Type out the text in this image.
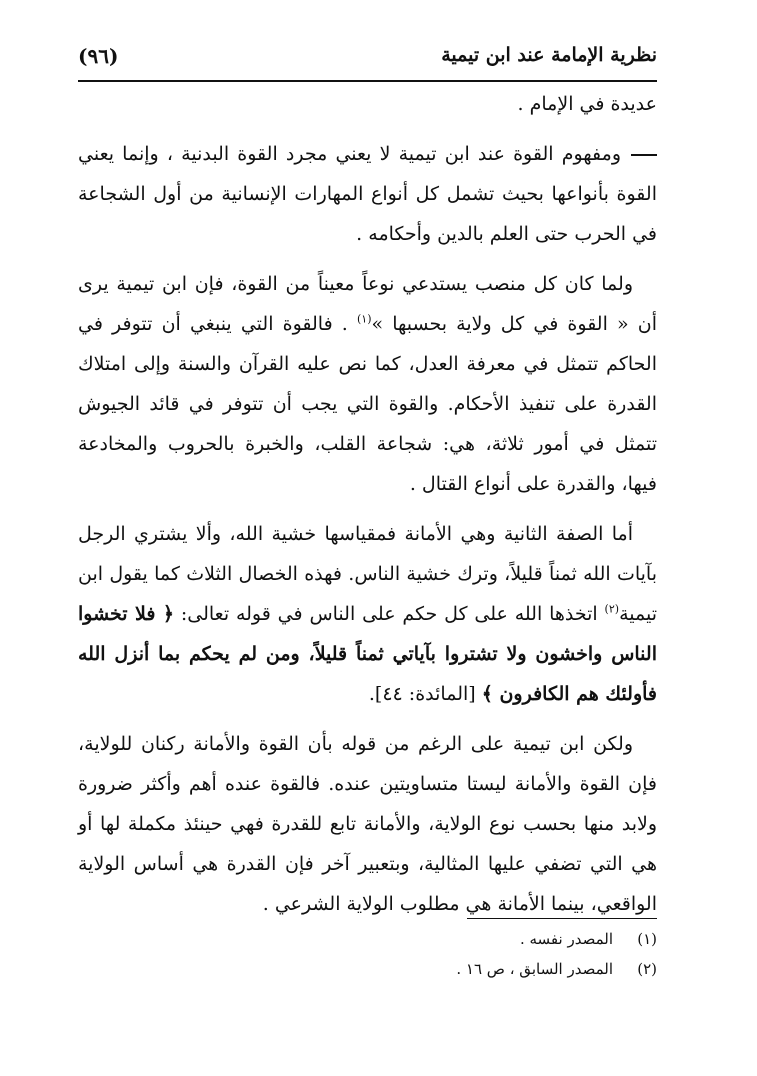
نظرية الإمامة عند ابن تيمية
(٩٦)

عديدة في الإمام .

ومفهوم القوة عند ابن تيمية لا يعني مجرد القوة البدنية ، وإنما يعني القوة بأنواعها بحيث تشمل كل أنواع المهارات الإنسانية من أول الشجاعة في الحرب حتى العلم بالدين وأحكامه .

ولما كان كل منصب يستدعي نوعاً معيناً من القوة، فإن ابن تيمية يرى أن « القوة في كل ولاية بحسبها »$^{(١)}$ . فالقوة التي ينبغي أن تتوفر في الحاكم تتمثل في معرفة العدل، كما نص عليه القرآن والسنة وإلى امتلاك القدرة على تنفيذ الأحكام. والقوة التي يجب أن تتوفر في قائد الجيوش تتمثل في أمور ثلاثة، هي: شجاعة القلب، والخبرة بالحروب والمخادعة فيها، والقدرة على أنواع القتال .

أما الصفة الثانية وهي الأمانة فمقياسها خشية الله، وألا يشتري الرجل بآيات الله ثمناً قليلاً، وترك خشية الناس. فهذه الخصال الثلاث كما يقول ابن تيمية$^{(٢)}$ اتخذها الله على كل حكم على الناس في قوله تعالى: ﴿ فلا تخشوا الناس واخشون ولا تشتروا بآياتي ثمناً قليلاً، ومن لم يحكم بما أنزل الله فأولئك هم الكافرون ﴾ [المائدة: ٤٤].

ولكن ابن تيمية على الرغم من قوله بأن القوة والأمانة ركنان للولاية، فإن القوة والأمانة ليستا متساويتين عنده. فالقوة عنده أهم وأكثر ضرورة ولابد منها بحسب نوع الولاية، والأمانة تابع للقدرة فهي حينئذ مكملة لها أو هي التي تضفي عليها المثالية، وبتعبير آخر فإن القدرة هي أساس الولاية الواقعي، بينما الأمانة هي مطلوب الولاية الشرعي .

(١)المصدر نفسه .
(٢)المصدر السابق ، ص ١٦ .
